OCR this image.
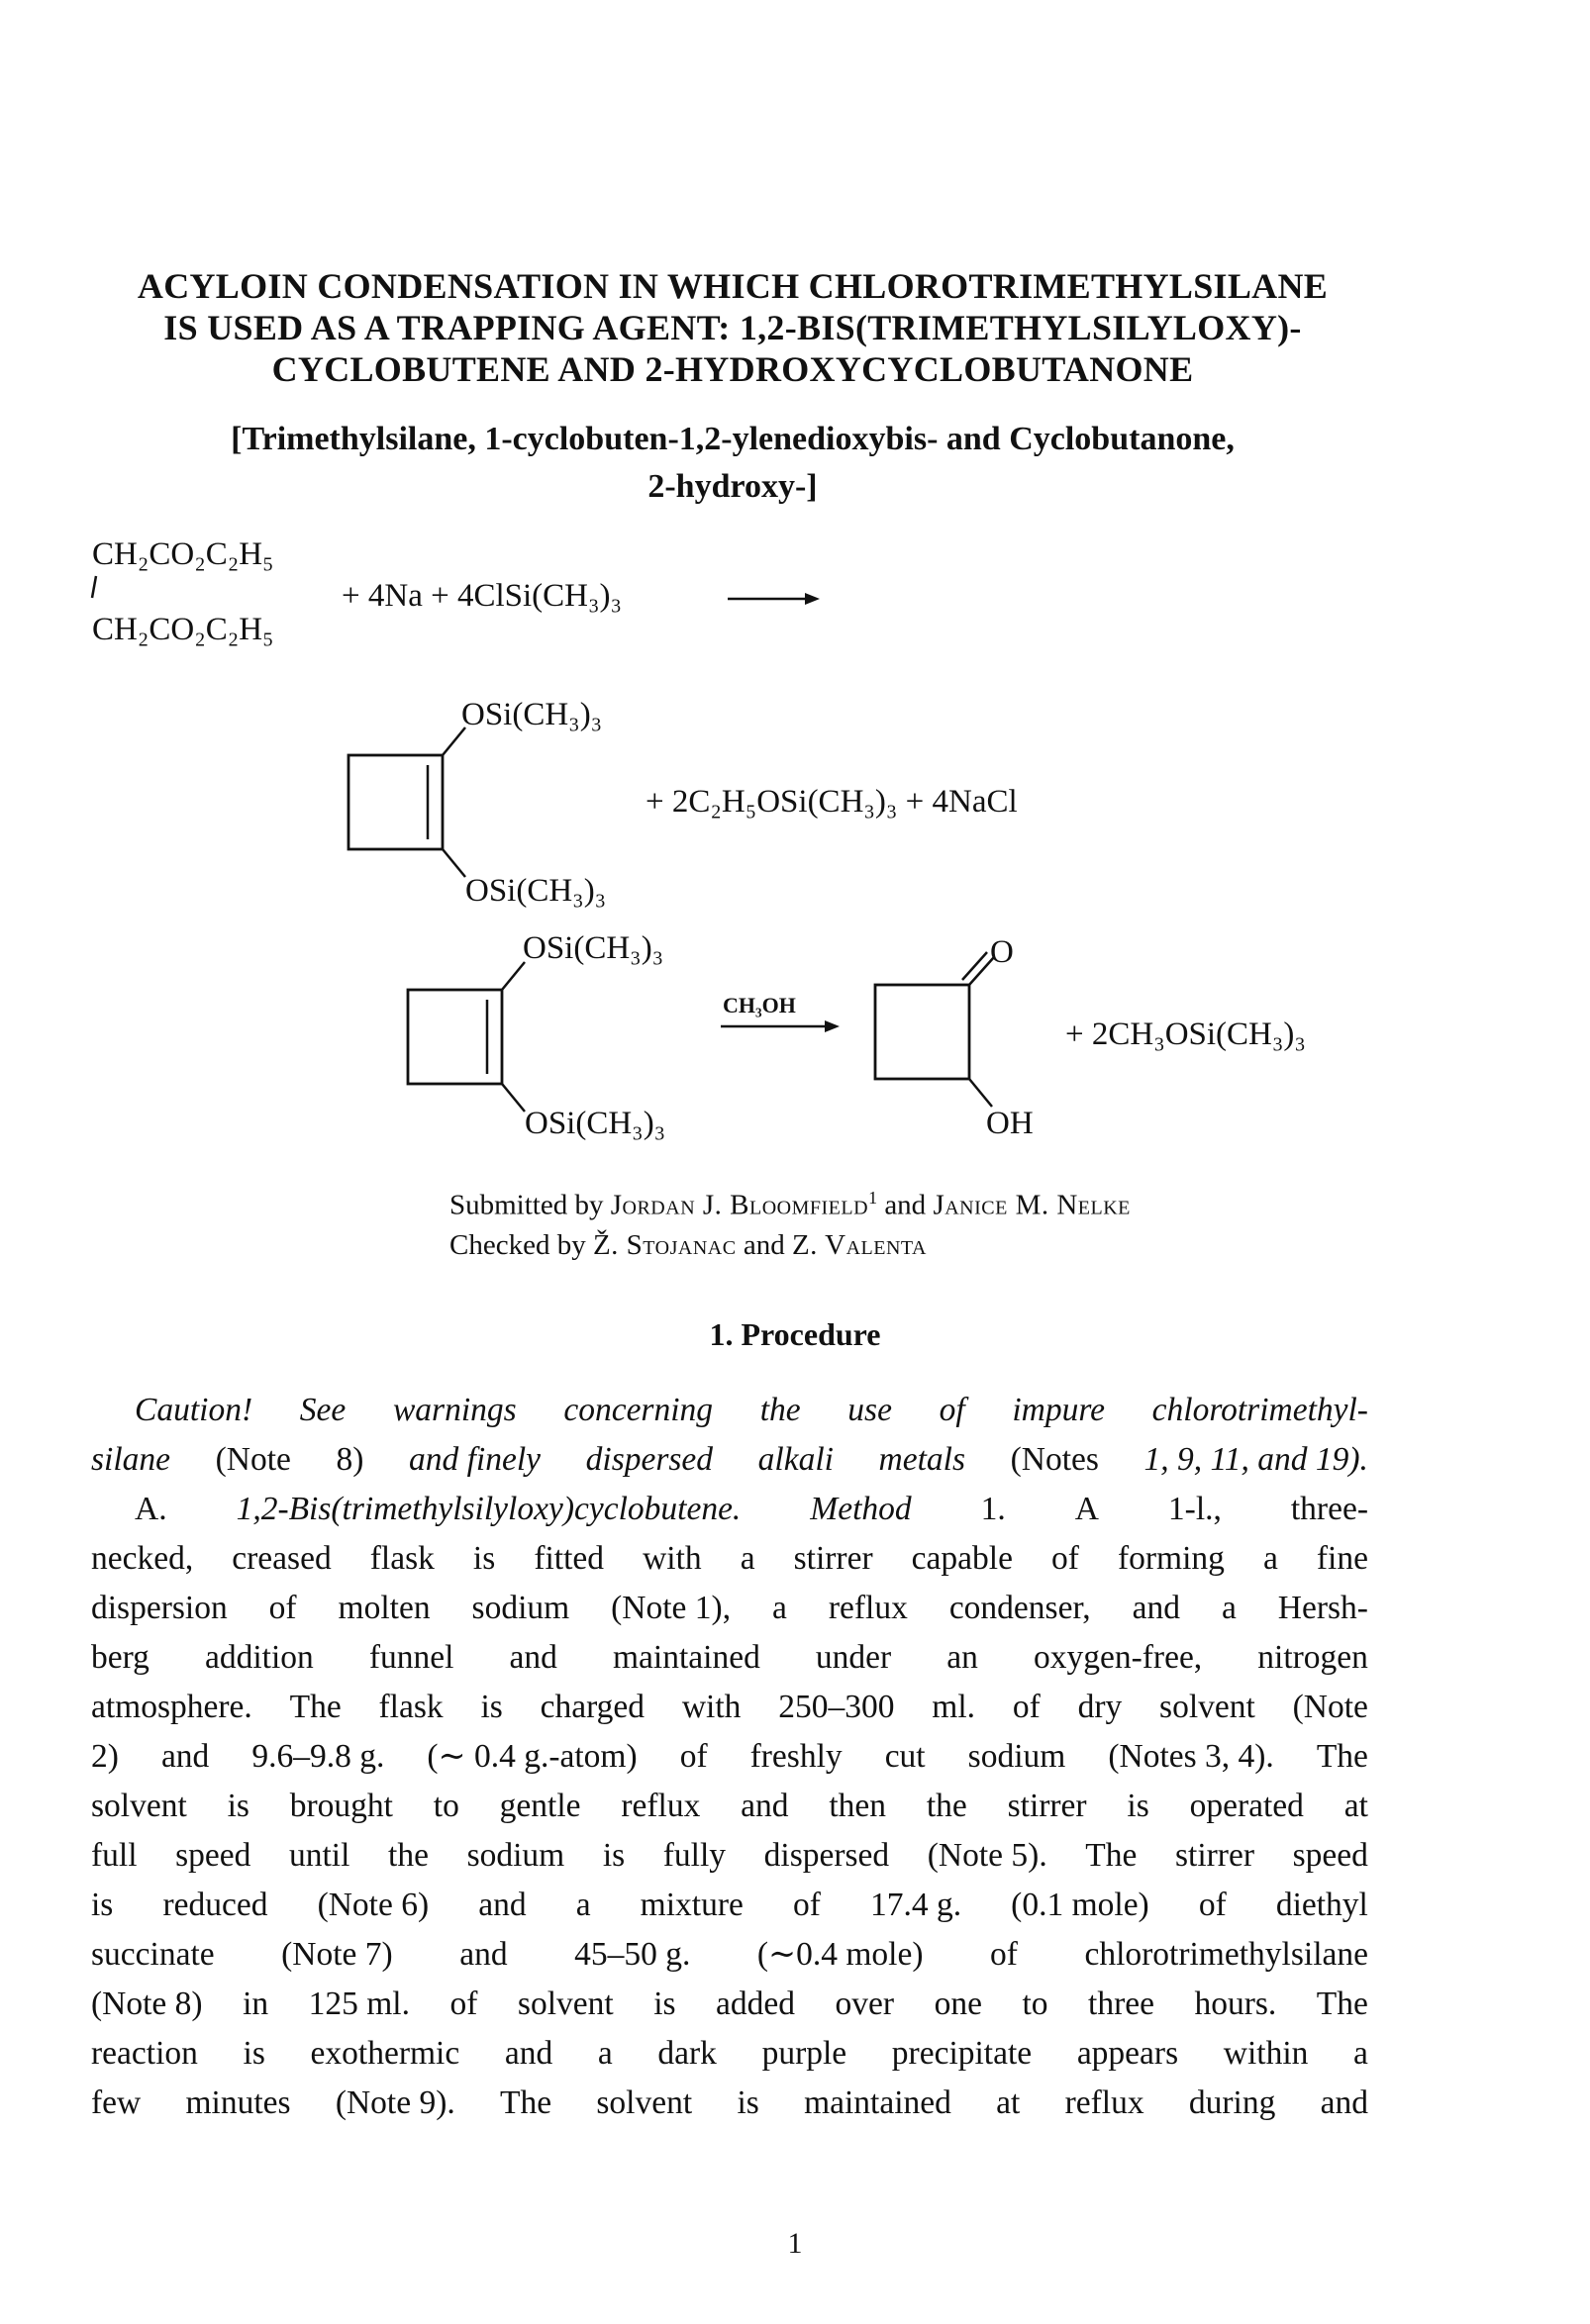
ACYLOIN CONDENSATION IN WHICH CHLOROTRIMETHYLSILANE
IS USED AS A TRAPPING AGENT: 1,2-BIS(TRIMETHYLSILYLOXY)-
CYCLOBUTENE AND 2-HYDROXYCYCLOBUTANONE
[Trimethylsilane, 1-cyclobuten-1,2-ylenedioxybis- and Cyclobutanone,
2-hydroxy-]
CH₂CO₂C₂H₅
CH₂CO₂C₂H₅
+ 4Na + 4ClSi(CH₃)₃
OSi(CH₃)₃
OSi(CH₃)₃
+ 2C₂H₅OSi(CH₃)₃ + 4NaCl
OSi(CH₃)₃
OSi(CH₃)₃
CH₃OH
O
OH
+ 2CH₃OSi(CH₃)₃
Submitted by Jordan J. Bloomfield$^1$ and Janice M. Nelke
Checked by Ž. Stojanac and Z. Valenta
1. Procedure
Caution! See warnings concerning the use of impure chlorotrimethyl-
silane (Note 8) and finely dispersed alkali metals (Notes 1, 9, 11, and 19).
A. 1,2-Bis(trimethylsilyloxy)cyclobutene. Method 1. A 1-l., three-
necked, creased flask is fitted with a stirrer capable of forming a fine
dispersion of molten sodium (Note 1), a reflux condenser, and a Hersh-
berg addition funnel and maintained under an oxygen-free, nitrogen
atmosphere. The flask is charged with 250–300 ml. of dry solvent (Note
2) and 9.6–9.8 g. (∼ 0.4 g.-atom) of freshly cut sodium (Notes 3, 4). The
solvent is brought to gentle reflux and then the stirrer is operated at
full speed until the sodium is fully dispersed (Note 5). The stirrer speed
is reduced (Note 6) and a mixture of 17.4 g. (0.1 mole) of diethyl
succinate (Note 7) and 45–50 g. (∼0.4 mole) of chlorotrimethylsilane
(Note 8) in 125 ml. of solvent is added over one to three hours. The
reaction is exothermic and a dark purple precipitate appears within a
few minutes (Note 9). The solvent is maintained at reflux during and
1
